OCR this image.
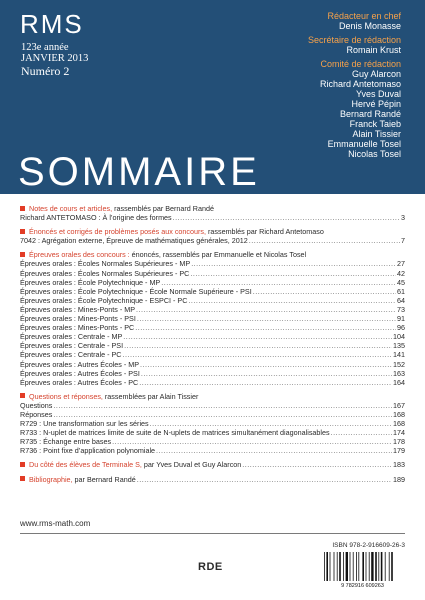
RMS
123e année
JANVIER 2013
Numéro 2
Rédacteur en chef
Denis Monasse
Secrétaire de rédaction
Romain Krust
Comité de rédaction
Guy Alarcon
Richard Antetomaso
Yves Duval
Hervé Pépin
Bernard Randé
Franck Taieb
Alain Tissier
Emmanuelle Tosel
Nicolas Tosel
SOMMAIRE
Notes de cours et articles, rassemblés par Bernard Randé
Richard ANTETOMASO : À l’origine des formes .....	3
Énoncés et corrigés de problèmes posés aux concours, rassemblés par Richard Antetomaso
7042 : Agrégation externe, Épreuve de mathématiques générales, 2012 .....	7
Épreuves orales des concours : énoncés, rassemblés par Emmanuelle et Nicolas Tosel
Épreuves orales : Écoles Normales Supérieures - MP .....	27
Épreuves orales : Écoles Normales Supérieures - PC .....	42
Épreuves orales : École Polytechnique - MP .....	45
Épreuves orales : École Polytechnique - École Normale Supérieure - PSI .....	61
Épreuves orales : École Polytechnique - ESPCI - PC .....	64
Épreuves orales : Mines-Ponts - MP .....	73
Épreuves orales : Mines-Ponts - PSI .....	91
Épreuves orales : Mines-Ponts - PC .....	96
Épreuves orales : Centrale - MP .....	104
Épreuves orales : Centrale - PSI .....	135
Épreuves orales : Centrale - PC .....	141
Épreuves orales : Autres Écoles - MP .....	152
Épreuves orales : Autres Écoles - PSI .....	163
Épreuves orales : Autres Écoles - PC .....	164
Questions et réponses, rassemblées par Alain Tissier
Questions .....	167
Réponses .....	168
R729 : Une transformation sur les séries .....	168
R733 : N-uplet de matrices limite de suite de N-uplets de matrices simultanément diagonalisables .....	174
R735 : Échange entre bases .....	178
R736 : Point fixe d’application polynomiale .....	179
Du côté des élèves de Terminale S, par Yves Duval et Guy Alarcon .....	183
Bibliographie, par Bernard Randé .....	189
www.rms-math.com
ISBN 978-2-916609-26-3
RDE
9 782916 609263
